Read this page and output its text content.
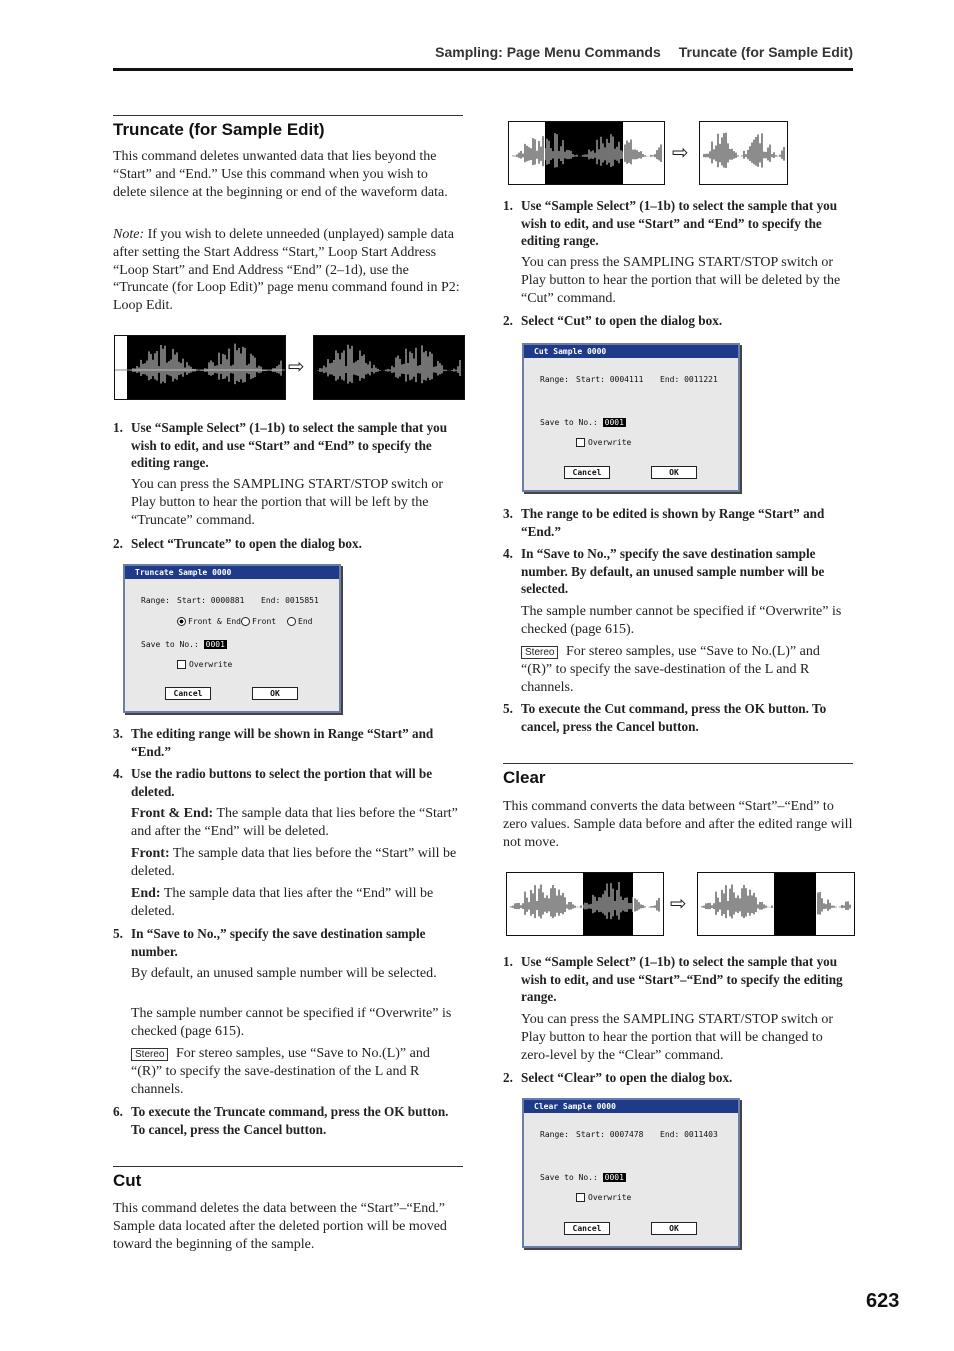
Sampling: Page Menu Commands Truncate (for Sample Edit)
Truncate (for Sample Edit)

This command deletes unwanted data that lies beyond the “Start” and “End.” Use this command when you wish to delete silence at the beginning or end of the waveform data.

Note: If you wish to delete unneeded (unplayed) sample data after setting the Start Address “Start,” Loop Start Address “Loop Start” and End Address “End” (2–1d), use the “Truncate (for Loop Edit)” page menu command found in P2: Loop Edit.

⇨
1. Use “Sample Select” (1–1b) to select the sample that you wish to edit, and use “Start” and “End” to specify the editing range.
You can press the SAMPLING START/STOP switch or Play button to hear the portion that will be left by the “Truncate” command.
2. Select “Truncate” to open the dialog box.
Truncate Sample 0000
Range: Start: 0000881 End: 0015851
Front & End	Front	End
Save to No.: 0001
Overwrite
Cancel	OK
3. The editing range will be shown in Range “Start” and “End.”
4. Use the radio buttons to select the portion that will be deleted.
Front & End: The sample data that lies before the “Start” and after the “End” will be deleted.
Front: The sample data that lies before the “Start” will be deleted.
End: The sample data that lies after the “End” will be deleted.
5. In “Save to No.,” specify the save destination sample number.
By default, an unused sample number will be selected.
The sample number cannot be specified if “Overwrite” is checked (page 615).
Stereo For stereo samples, use “Save to No.(L)” and “(R)” to specify the save-destination of the L and R channels.
6. To execute the Truncate command, press the OK button. To cancel, press the Cancel button.
Cut

This command deletes the data between the “Start”–“End.” Sample data located after the deleted portion will be moved toward the beginning of the sample.

⇨
1. Use “Sample Select” (1–1b) to select the sample that you wish to edit, and use “Start” and “End” to specify the editing range.
You can press the SAMPLING START/STOP switch or Play button to hear the portion that will be deleted by the “Cut” command.
2. Select “Cut” to open the dialog box.
Cut Sample 0000
Range: Start: 0004111 End: 0011221
Save to No.: 0001
Overwrite
Cancel	OK
3. The range to be edited is shown by Range “Start” and “End.”
4. In “Save to No.,” specify the save destination sample number. By default, an unused sample number will be selected.
The sample number cannot be specified if “Overwrite” is checked (page 615).
Stereo For stereo samples, use “Save to No.(L)” and “(R)” to specify the save-destination of the L and R channels.
5. To execute the Cut command, press the OK button. To cancel, press the Cancel button.
Clear

This command converts the data between “Start”–“End” to zero values. Sample data before and after the edited range will not move.

⇨
1. Use “Sample Select” (1–1b) to select the sample that you wish to edit, and use “Start”–“End” to specify the editing range.
You can press the SAMPLING START/STOP switch or Play button to hear the portion that will be changed to zero-level by the “Clear” command.
2. Select “Clear” to open the dialog box.
Clear Sample 0000
Range: Start: 0007478 End: 0011403
Save to No.: 0001
Overwrite
Cancel	OK
623
